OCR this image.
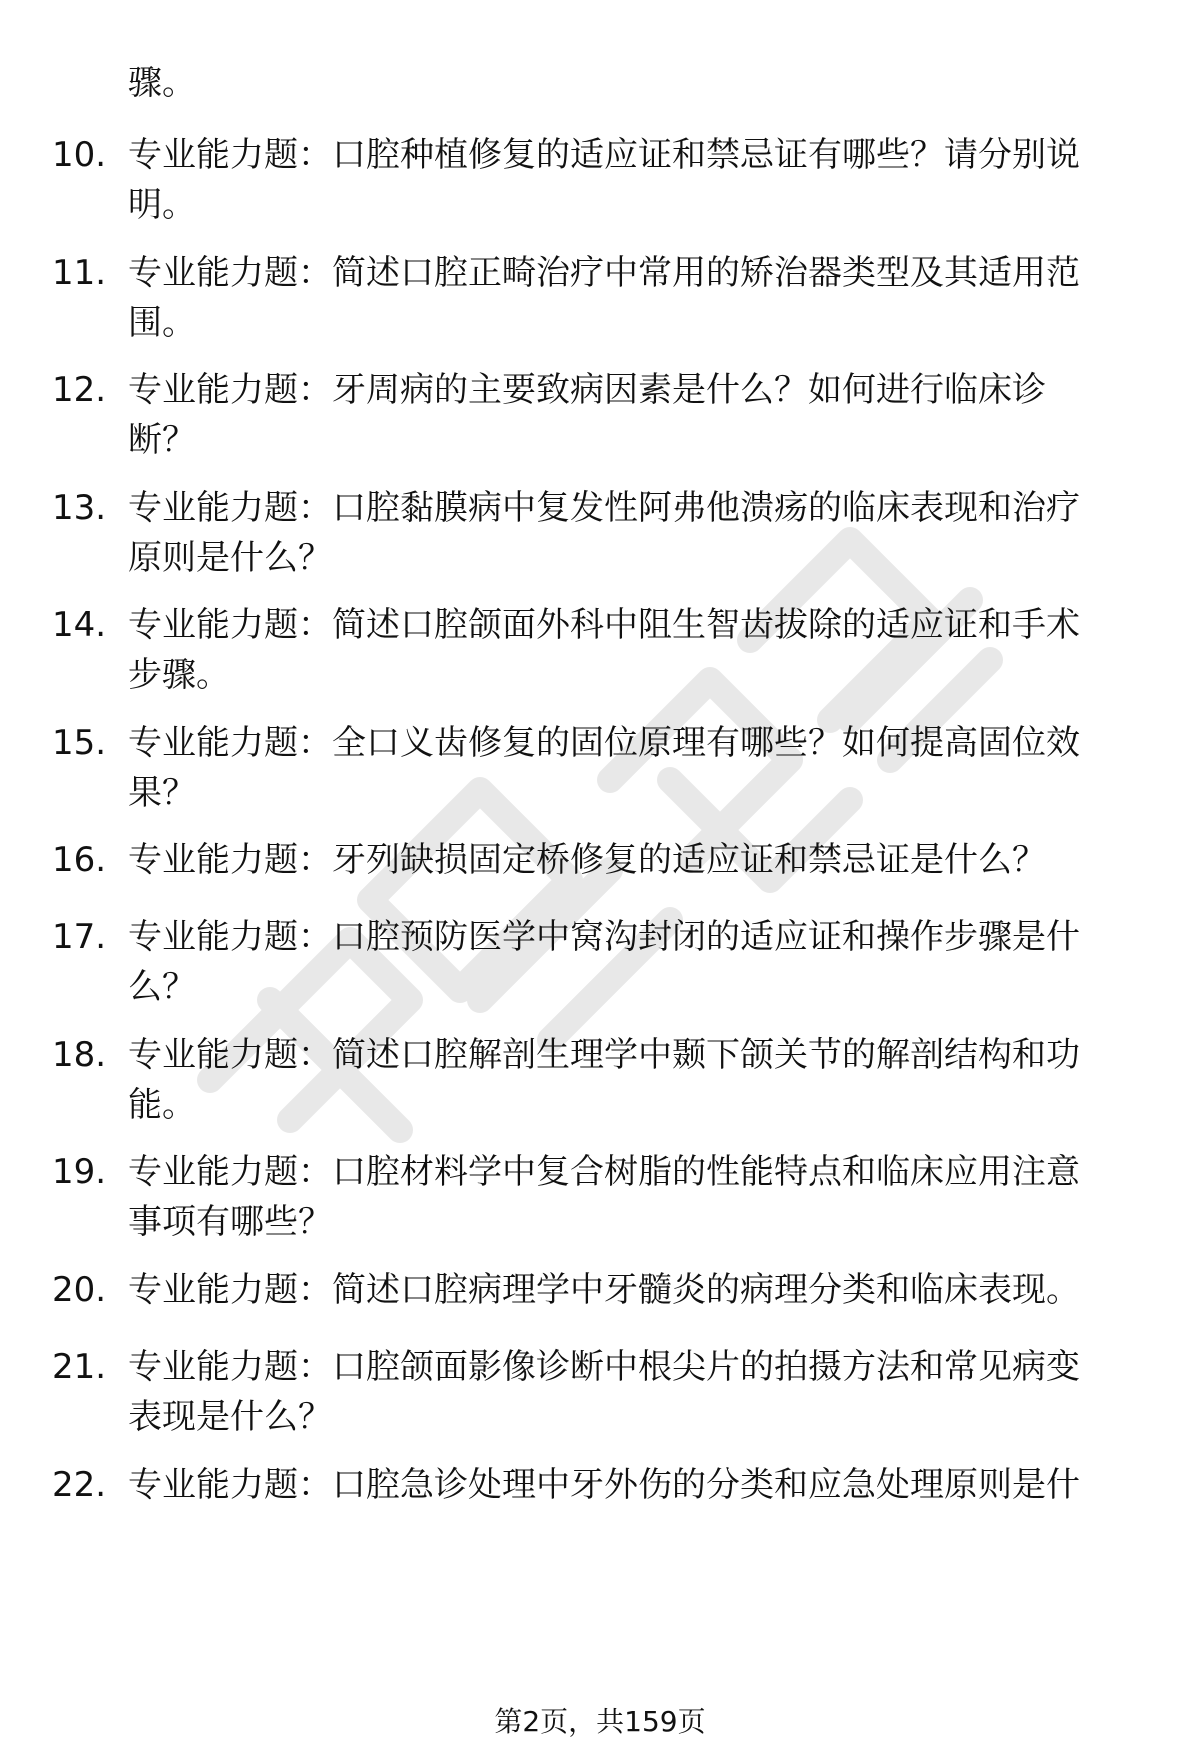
骤。
10. 专业能力题：口腔种植修复的适应证和禁忌证有哪些？请分别说
明。
11. 专业能力题：简述口腔正畸治疗中常用的矫治器类型及其适用范
围。
12. 专业能力题：牙周病的主要致病因素是什么？如何进行临床诊
断？
13. 专业能力题：口腔黏膜病中复发性阿弗他溃疡的临床表现和治疗
原则是什么？
14. 专业能力题：简述口腔颌面外科中阻生智齿拔除的适应证和手术
步骤。
15. 专业能力题：全口义齿修复的固位原理有哪些？如何提高固位效
果？
16. 专业能力题：牙列缺损固定桥修复的适应证和禁忌证是什么？
17. 专业能力题：口腔预防医学中窝沟封闭的适应证和操作步骤是什
么？
18. 专业能力题：简述口腔解剖生理学中颞下颌关节的解剖结构和功
能。
19. 专业能力题：口腔材料学中复合树脂的性能特点和临床应用注意
事项有哪些？
20. 专业能力题：简述口腔病理学中牙髓炎的病理分类和临床表现。
21. 专业能力题：口腔颌面影像诊断中根尖片的拍摄方法和常见病变
表现是什么？
22. 专业能力题：口腔急诊处理中牙外伤的分类和应急处理原则是什
第2页，共159页
